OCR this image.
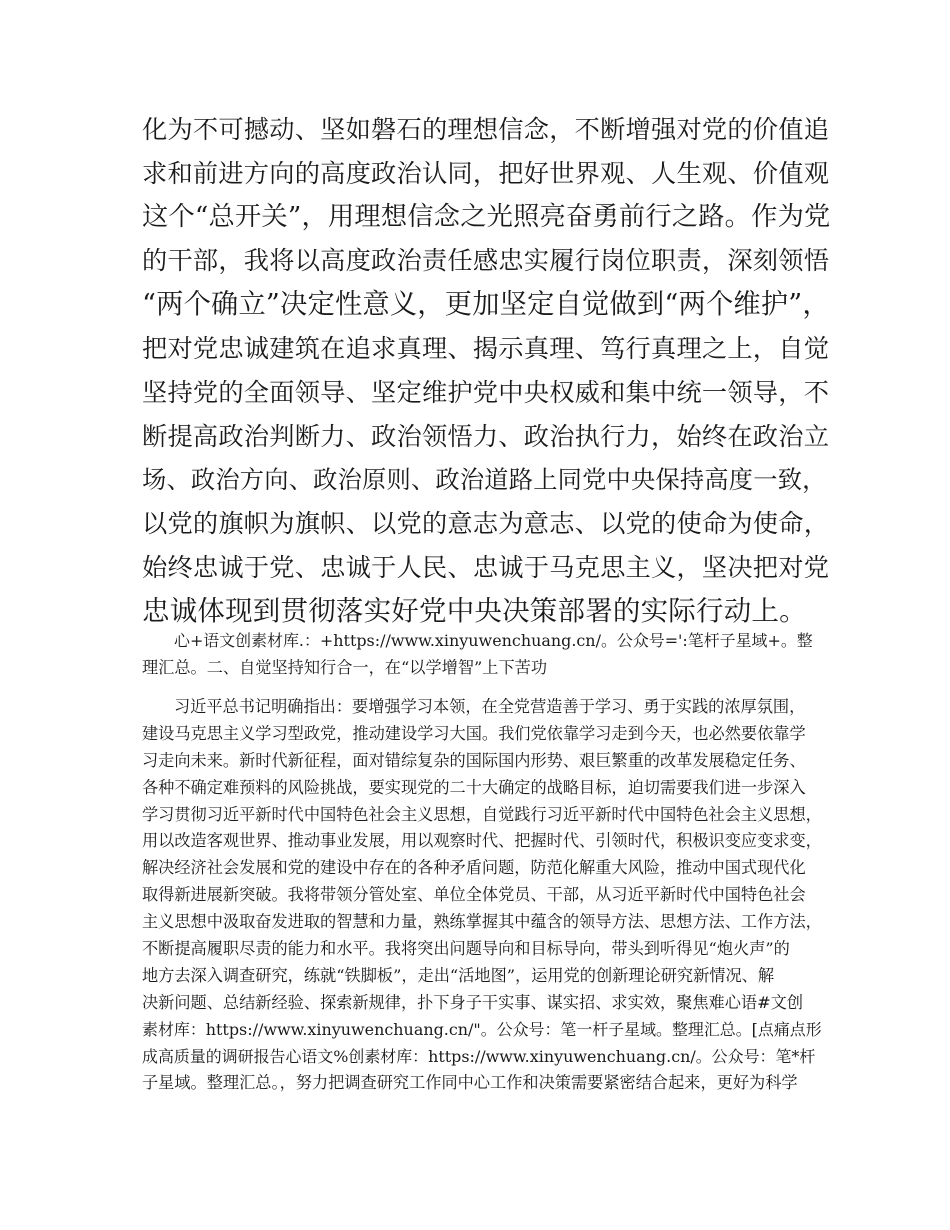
化为不可撼动、坚如磐石的理想信念，不断增强对党的价值追
求和前进方向的高度政治认同，把好世界观、人生观、价值观
这个“总开关”，用理想信念之光照亮奋勇前行之路。作为党
的干部，我将以高度政治责任感忠实履行岗位职责，深刻领悟
“两个确立”决定性意义，更加坚定自觉做到“两个维护”，
把对党忠诚建筑在追求真理、揭示真理、笃行真理之上，自觉
坚持党的全面领导、坚定维护党中央权威和集中统一领导，不
断提高政治判断力、政治领悟力、政治执行力，始终在政治立
场、政治方向、政治原则、政治道路上同党中央保持高度一致，
以党的旗帜为旗帜、以党的意志为意志、以党的使命为使命，
始终忠诚于党、忠诚于人民、忠诚于马克思主义，坚决把对党
忠诚体现到贯彻落实好党中央决策部署的实际行动上。
心+语文创素材库.：+https://www.xinyuwenchuang.cn/。公众号=':笔杆子星域+。整
理汇总。二、自觉坚持知行合一，在“以学增智”上下苦功
习近平总书记明确指出：要增强学习本领，在全党营造善于学习、勇于实践的浓厚氛围，
建设马克思主义学习型政党，推动建设学习大国。我们党依靠学习走到今天，也必然要依靠学
习走向未来。新时代新征程，面对错综复杂的国际国内形势、艰巨繁重的改革发展稳定任务、
各种不确定难预料的风险挑战，要实现党的二十大确定的战略目标，迫切需要我们进一步深入
学习贯彻习近平新时代中国特色社会主义思想，自觉践行习近平新时代中国特色社会主义思想，
用以改造客观世界、推动事业发展，用以观察时代、把握时代、引领时代，积极识变应变求变，
解决经济社会发展和党的建设中存在的各种矛盾问题，防范化解重大风险，推动中国式现代化
取得新进展新突破。我将带领分管处室、单位全体党员、干部，从习近平新时代中国特色社会
主义思想中汲取奋发进取的智慧和力量，熟练掌握其中蕴含的领导方法、思想方法、工作方法，
不断提高履职尽责的能力和水平。我将突出问题导向和目标导向，带头到听得见“炮火声”的
地方去深入调查研究，练就“铁脚板”，走出“活地图”，运用党的创新理论研究新情况、解
决新问题、总结新经验、探索新规律，扑下身子干实事、谋实招、求实效，聚焦难心语#文创
素材库：https://www.xinyuwenchuang.cn/"。公众号：笔一杆子星域。整理汇总。[点痛点形
成高质量的调研报告心语文%创素材库：https://www.xinyuwenchuang.cn/。公众号：笔*杆
子星域。整理汇总。，努力把调查研究工作同中心工作和决策需要紧密结合起来，更好为科学
